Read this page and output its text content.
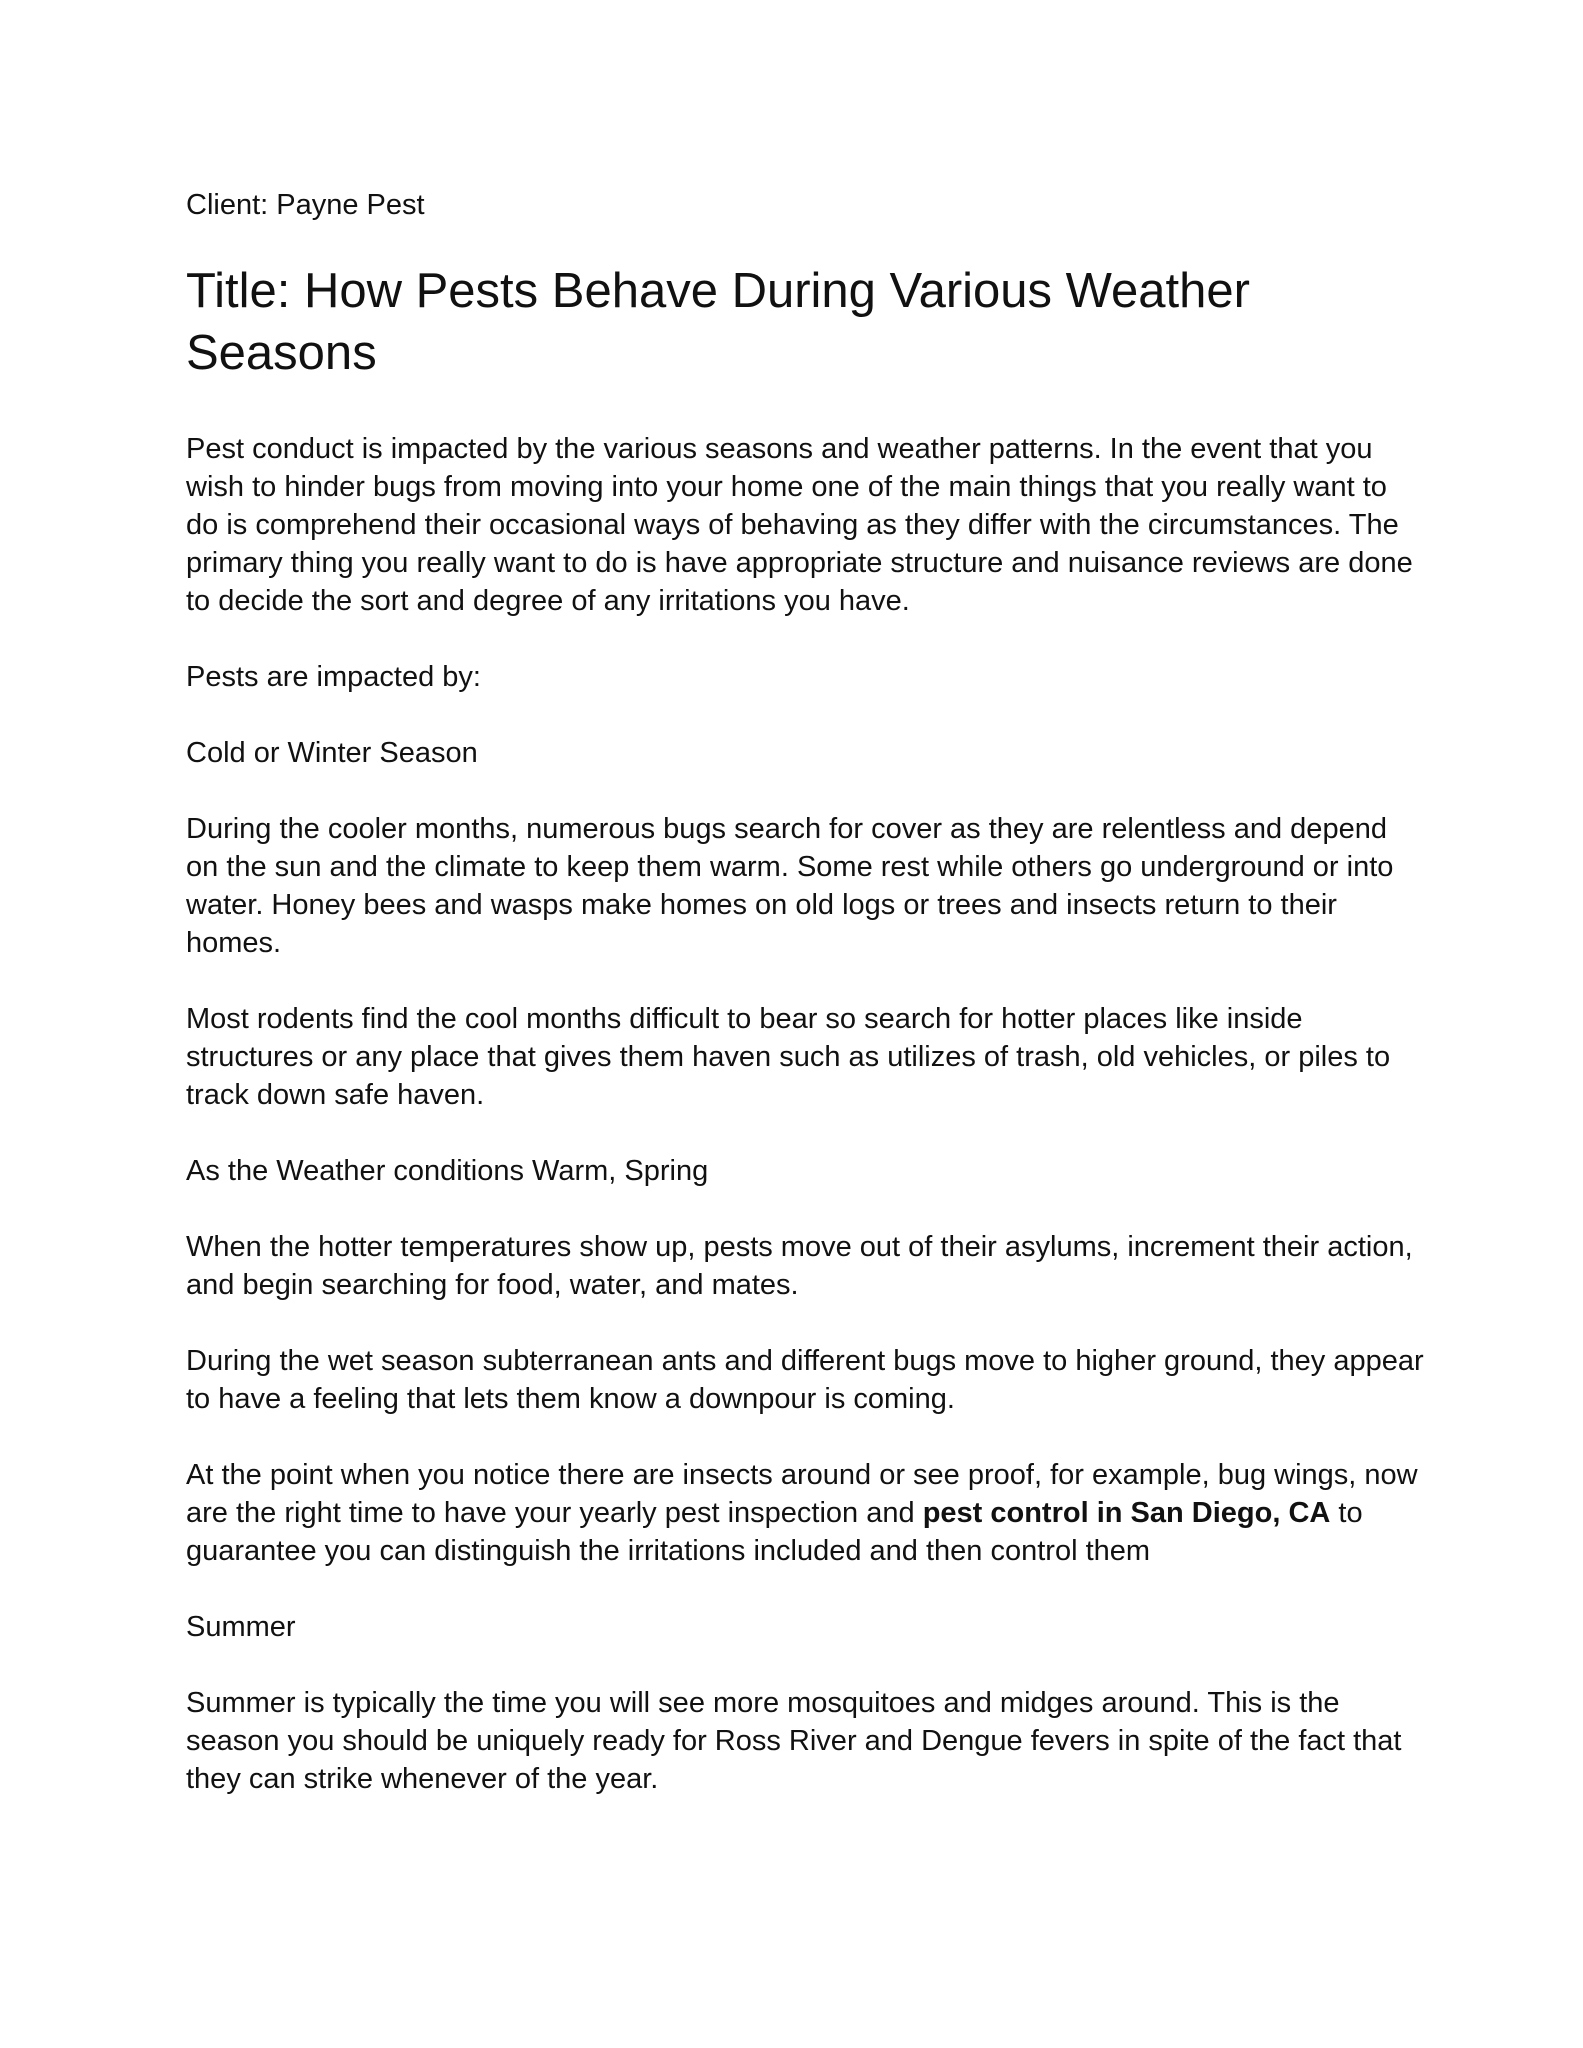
Client: Payne Pest
Title: How Pests Behave During Various Weather Seasons

Pest conduct is impacted by the various seasons and weather patterns. In the event that you wish to hinder bugs from moving into your home one of the main things that you really want to do is comprehend their occasional ways of behaving as they differ with the circumstances. The primary thing you really want to do is have appropriate structure and nuisance reviews are done to decide the sort and degree of any irritations you have.

Pests are impacted by:

Cold or Winter Season

During the cooler months, numerous bugs search for cover as they are relentless and depend on the sun and the climate to keep them warm. Some rest while others go underground or into water. Honey bees and wasps make homes on old logs or trees and insects return to their homes.

Most rodents find the cool months difficult to bear so search for hotter places like inside structures or any place that gives them haven such as utilizes of trash, old vehicles, or piles to track down safe haven.

As the Weather conditions Warm, Spring

When the hotter temperatures show up, pests move out of their asylums, increment their action, and begin searching for food, water, and mates.

During the wet season subterranean ants and different bugs move to higher ground, they appear to have a feeling that lets them know a downpour is coming.

At the point when you notice there are insects around or see proof, for example, bug wings, now are the right time to have your yearly pest inspection and pest control in San Diego, CA to guarantee you can distinguish the irritations included and then control them

Summer

Summer is typically the time you will see more mosquitoes and midges around. This is the season you should be uniquely ready for Ross River and Dengue fevers in spite of the fact that they can strike whenever of the year.
